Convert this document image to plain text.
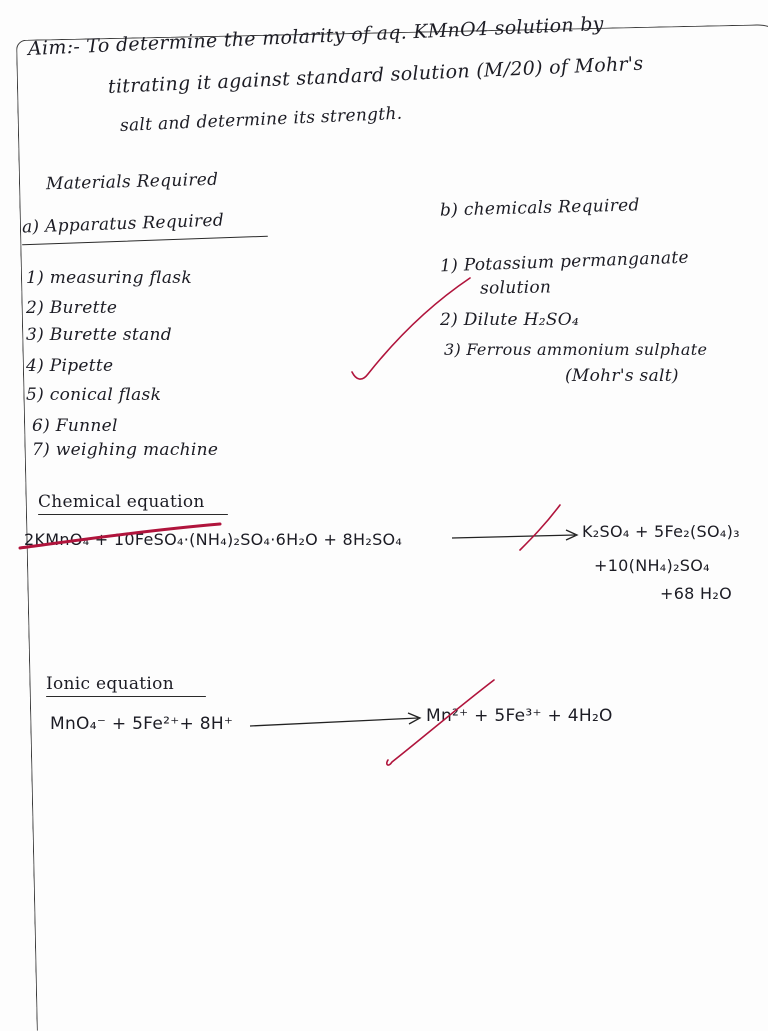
Aim:- To determine the molarity of aq. KMnO4 solution by
titrating it against standard solution (M/20) of Mohr's
salt and determine its strength.
Materials Required
a) Apparatus Required
1) measuring flask
2) Burette
3) Burette stand
4) Pipette
5) conical flask
6) Funnel
7) weighing machine
b) chemicals Required
1) Potassium permanganate
solution
2) Dilute H₂SO₄
3) Ferrous ammonium sulphate
(Mohr's salt)
Chemical equation
2KMnO₄ + 10FeSO₄·(NH₄)₂SO₄·6H₂O + 8H₂SO₄	K₂SO₄ + 5Fe₂(SO₄)₃
+10(NH₄)₂SO₄
+68 H₂O
Ionic equation
MnO₄⁻ + 5Fe²⁺+ 8H⁺	Mn²⁺ + 5Fe³⁺ + 4H₂O
